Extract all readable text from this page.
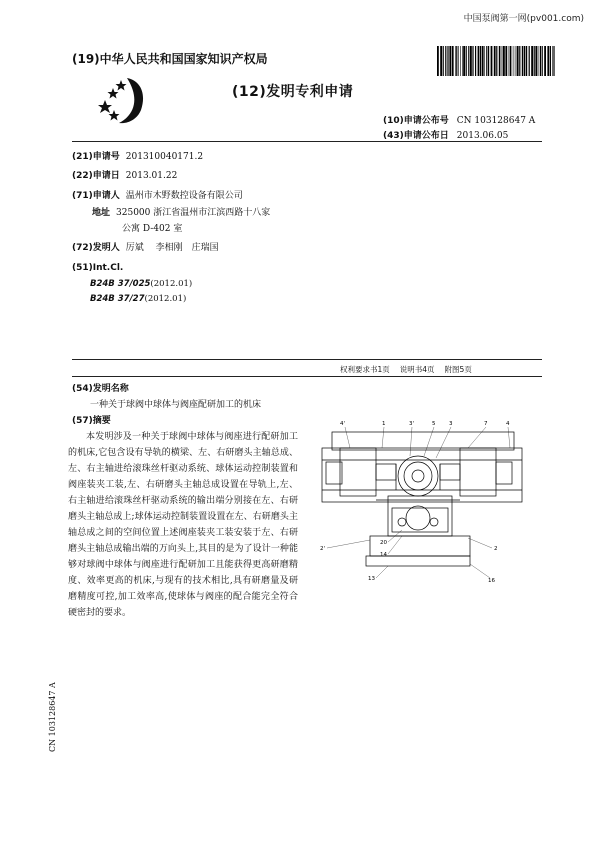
中国泵阀第一网(pv001.com)
(19)中华人民共和国国家知识产权局
(12)发明专利申请
(10)申请公布号 CN 103128647 A
(43)申请公布日 2013.06.05
(21)申请号 201310040171.2
(22)申请日 2013.01.22
(71)申请人 温州市木野数控设备有限公司
地址 325000 浙江省温州市江滨西路十八家
公寓 D-402 室
(72)发明人 厉斌　 李相刚　庄瑞国
(51)Int.Cl.
B24B 37/025(2012.01)
B24B 37/27(2012.01)
权利要求书1页 说明书4页 附图5页
(54)发明名称
一种关于球阀中球体与阀座配研加工的机床
(57)摘要
本发明涉及一种关于球阀中球体与阀座进行配研加工的机床,它包含设有导轨的横梁、左、右研磨头主轴总成、左、右主轴进给滚珠丝杆驱动系统、球体运动控制装置和阀座装夹工装,左、右研磨头主轴总成设置在导轨上,左、右主轴进给滚珠丝杆驱动系统的输出端分别接在左、右研磨头主轴总成上;球体运动控制装置设置在左、右研磨头主轴总成之间的空间位置上述阀座装夹工装安装于左、右研磨头主轴总成输出端的万向头上,其目的是为了设计一种能够对球阀中球体与阀座进行配研加工且能获得更高研磨精度、效率更高的机床,与现有的技术相比,具有研磨量及研磨精度可控,加工效率高,使球体与阀座的配合能完全符合硬密封的要求。
CN 103128647 A
4'	1	3'	5 3	7	4
2'
20
14
13
2
16
